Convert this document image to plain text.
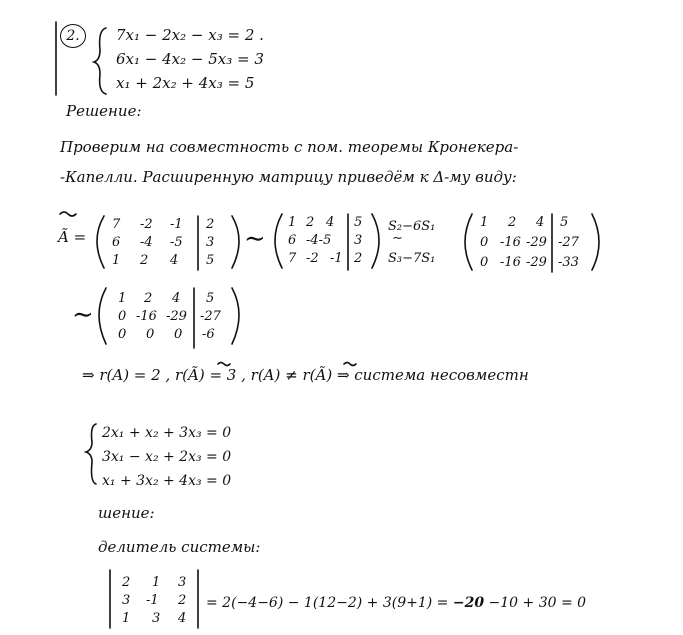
2.	7x₁ − 2x₂ − x₃ = 2 .
6x₁ − 4x₂ − 5x₃ = 3
x₁ + 2x₂ + 4x₃ = 5
Решение:
Проверим на совместность с пом. теоремы Кронекера-
-Капелли. Расширенную матрицу приведём к Δ-му виду:
Ã =
7 -2 -1 2
6 -4 -5 3
1 2 4 5
∼
1 2 4 5
6 -4-5 3
7 -2 -1 2
S₂−6S₁
∼
S₃−7S₁
1 2 4 5
0 -16 -29 -27
0 -16 -29 -33
∼
1 2 4 5
0 -16 -29 -27
0 0 0 -6
⇒ r(A) = 2 , r(Ã) = 3 , r(A) ≠ r(Ã) ⇒ система несовместн
2x₁ + x₂ + 3x₃ = 0
3x₁ − x₂ + 2x₃ = 0
x₁ + 3x₂ + 4x₃ = 0
шение:
делитель системы:
2 1 3
3 -1 2
1 3 4
= 2(−4−6) − 1(12−2) + 3(9+1) = −20 −10 + 30 = 0
